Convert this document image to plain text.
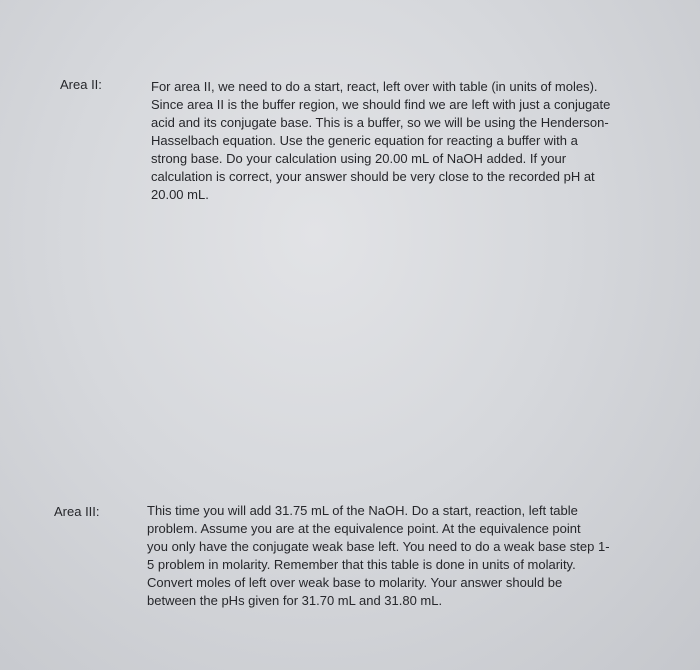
Area II:	For area II, we need to do a start, react, left over with table (in units of moles).
Since area II is the buffer region, we should find we are left with just a conjugate
acid and its conjugate base. This is a buffer, so we will be using the Henderson-
Hasselbach equation. Use the generic equation for reacting a buffer with a
strong base. Do your calculation using 20.00 mL of NaOH added. If your
calculation is correct, your answer should be very close to the recorded pH at
20.00 mL.
Area III:	This time you will add 31.75 mL of the NaOH. Do a start, reaction, left table
problem. Assume you are at the equivalence point. At the equivalence point
you only have the conjugate weak base left. You need to do a weak base step 1-
5 problem in molarity. Remember that this table is done in units of molarity.
Convert moles of left over weak base to molarity. Your answer should be
between the pHs given for 31.70 mL and 31.80 mL.
